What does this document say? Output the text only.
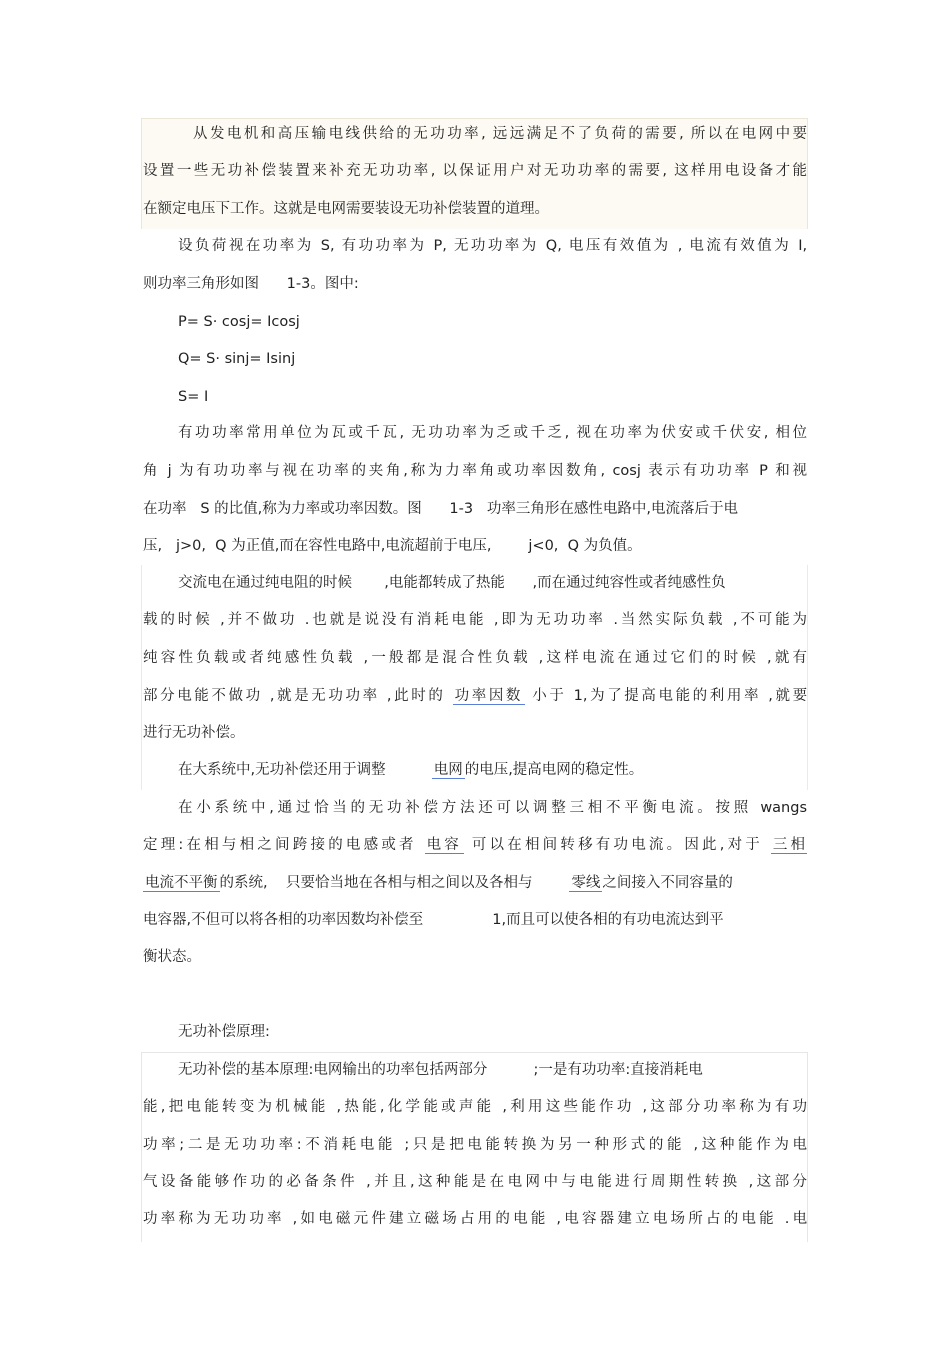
从发电机和高压输电线供给的无功功率, 远远满足不了负荷的需要, 所以在电网中要
设置一些无功补偿装置来补充无功功率, 以保证用户对无功功率的需要, 这样用电设备才能
在额定电压下工作。这就是电网需要装设无功补偿装置的道理。
设负荷视在功率为 S, 有功功率为 P, 无功功率为 Q, 电压有效值为 , 电流有效值为 I,
则功率三角形如图 1-3。图中:
P= S· cosj= Icosj
Q= S· sinj= Isinj
S= I
有功功率常用单位为瓦或千瓦, 无功功率为乏或千乏, 视在功率为伏安或千伏安, 相位
角 j 为有功功率与视在功率的夹角,称为力率角或功率因数角, cosj 表示有功功率 P 和视
在功率 S 的比值,称为力率或功率因数。图 1-3 功率三角形在感性电路中,电流落后于电
压, j>0, Q 为正值,而在容性电路中,电流超前于电压,	j<0, Q 为负值。
交流电在通过纯电阻的时候 ,电能都转成了热能 ,而在通过纯容性或者纯感性负
载的时候 ,并不做功 .也就是说没有消耗电能 ,即为无功功率 .当然实际负载 ,不可能为
纯容性负载或者纯感性负载 ,一般都是混合性负载 ,这样电流在通过它们的时候 ,就有
部分电能不做功 ,就是无功功率 ,此时的 功率因数 小于 1,为了提高电能的利用率 ,就要
进行无功补偿。
在大系统中,无功补偿还用于调整	电网 的电压,提高电网的稳定性。
在小系统中,通过恰当的无功补偿方法还可以调整三相不平衡电流。按照 wangs
定理:在相与相之间跨接的电感或者 电容 可以在相间转移有功电流。因此,对于 三相
电流不平衡 的系统, 只要恰当地在各相与相之间以及各相与	零线 之间接入不同容量的
电容器,不但可以将各相的功率因数均补偿至	1,而且可以使各相的有功电流达到平
衡状态。
无功补偿原理:
无功补偿的基本原理:电网输出的功率包括两部分	;一是有功功率:直接消耗电
能,把电能转变为机械能 ,热能,化学能或声能 ,利用这些能作功 ,这部分功率称为有功
功率;二是无功功率:不消耗电能 ;只是把电能转换为另一种形式的能 ,这种能作为电
气设备能够作功的必备条件 ,并且,这种能是在电网中与电能进行周期性转换 ,这部分
功率称为无功功率 ,如电磁元件建立磁场占用的电能 ,电容器建立电场所占的电能 .电
